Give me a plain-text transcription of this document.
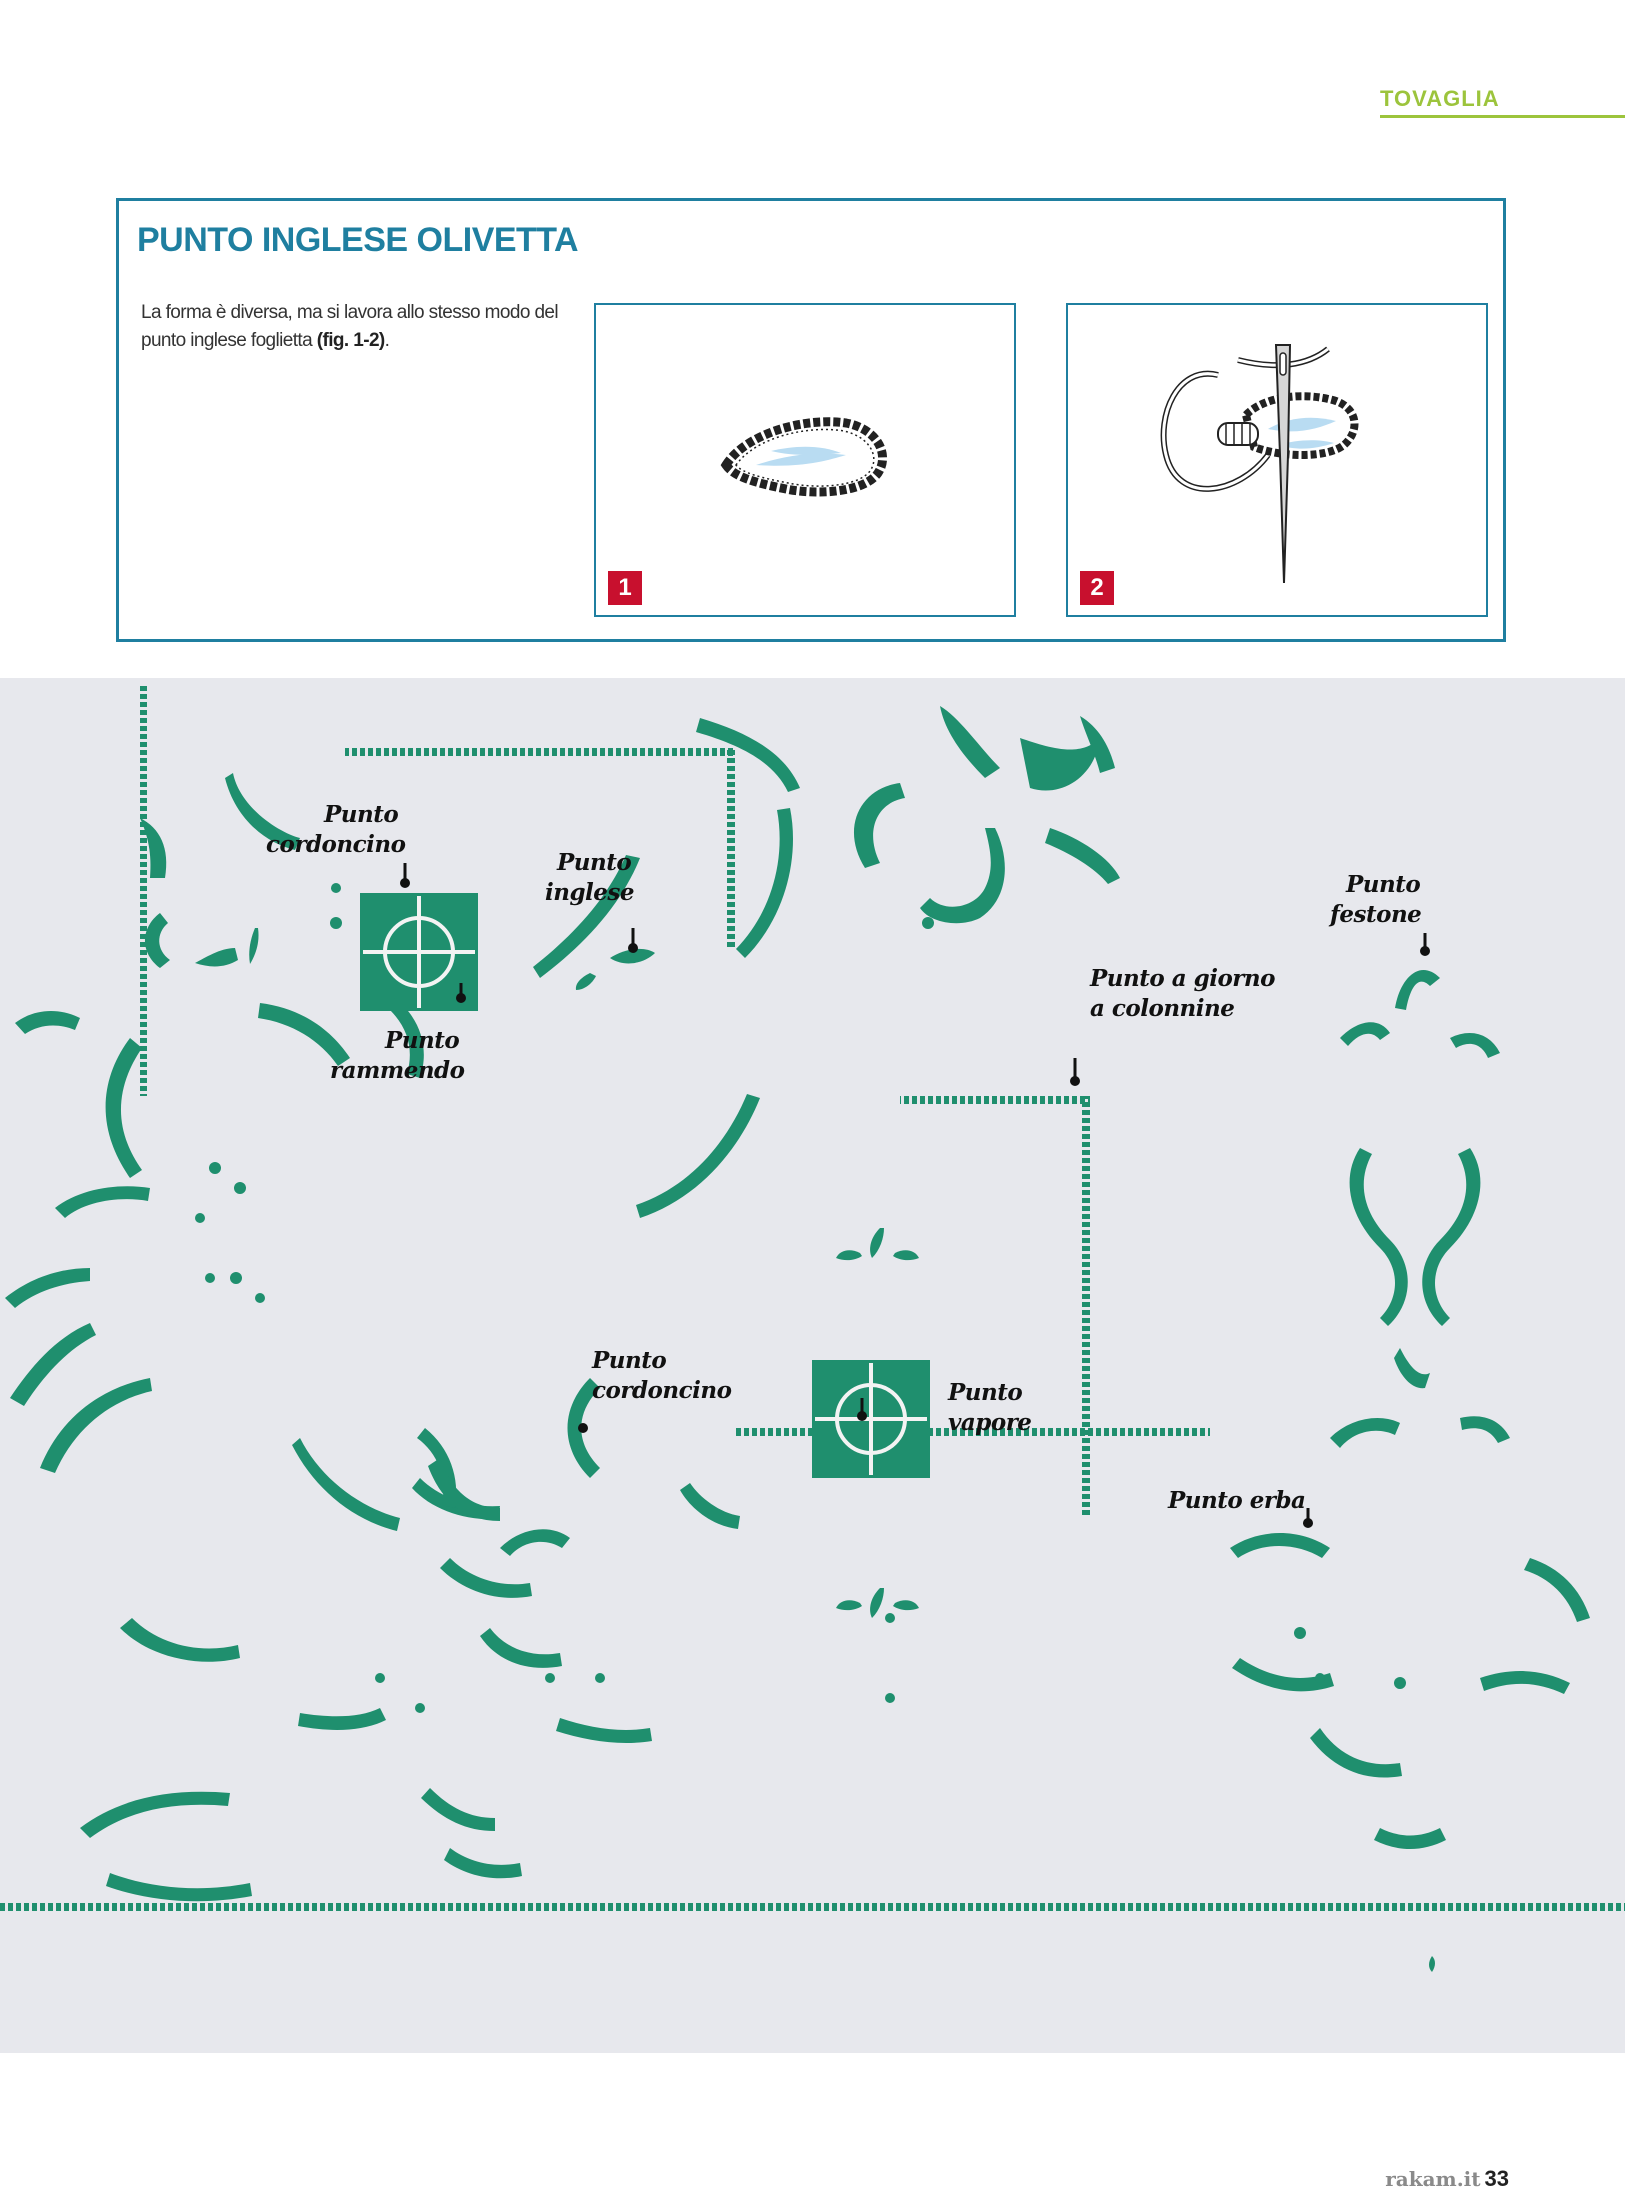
TOVAGLIA
PUNTO INGLESE OLIVETTA

La forma è diversa, ma si lavora allo stesso modo del punto inglese foglietta (fig. 1-2).

1	2
Punto
cordoncino
Punto
inglese
Punto
rammendo
Punto
festone
Punto a giorno
a colonnine
Punto
cordoncino	Punto
vapore
Punto erba
rakam.it 33
